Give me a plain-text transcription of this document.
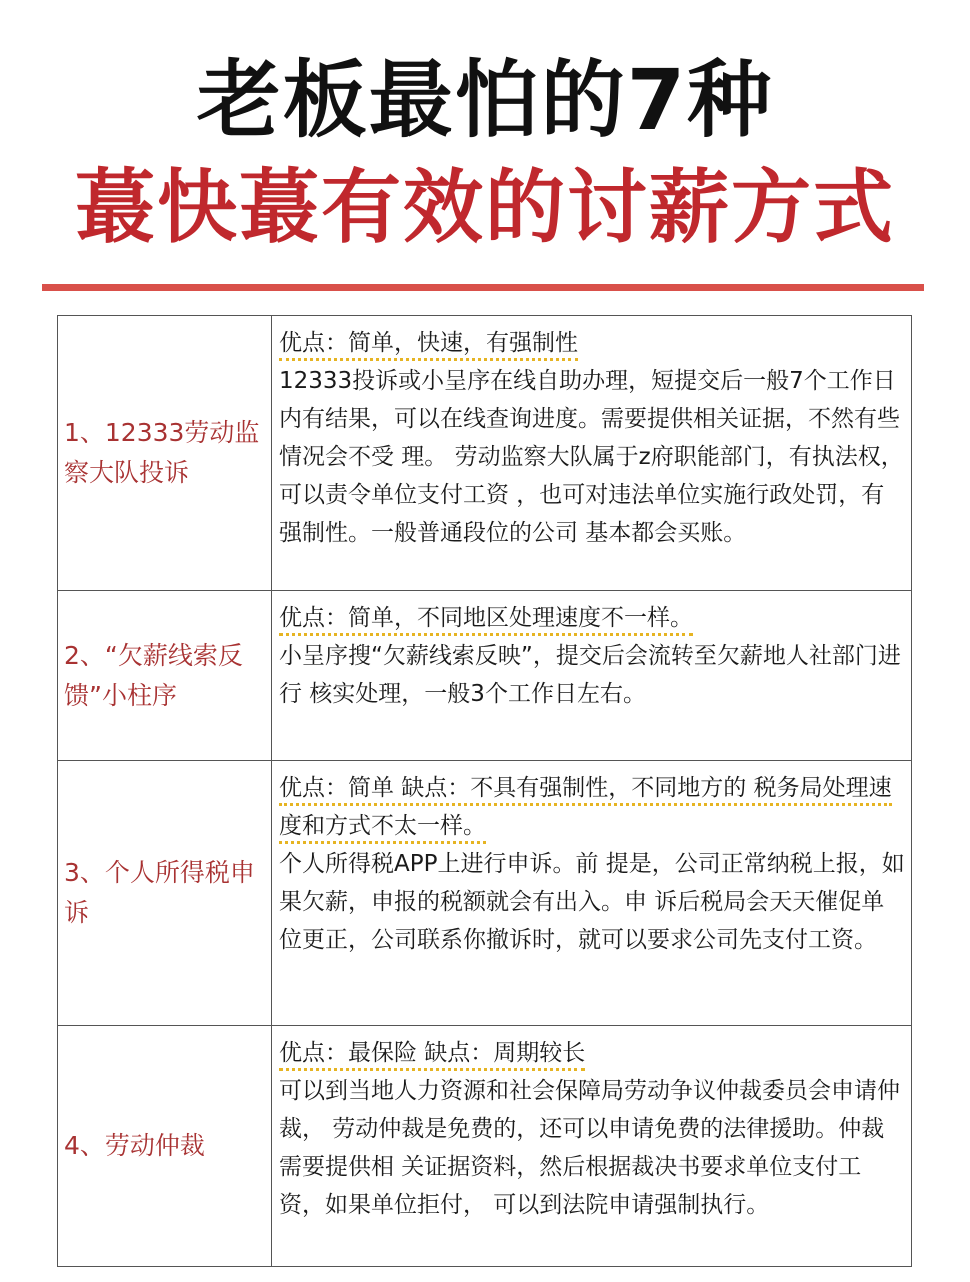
老板最怕的7种
蕞快蕞有效的讨薪方式
1、12333劳动监察大队投诉
优点：简单，快速，有强制性
12333投诉或小呈序在线自助办理，短提交后一般7个工作日内有结果，可以在线查询进度。需要提供相关证据，不然有些情况会不受 理。 劳动监察大队属于z府职能部门，有执法权，可以责令单位支付工资 ，也可对违法单位实施行政处罚，有强制性。一般普通段位的公司 基本都会买账。
2、“欠薪线索反馈”小柱序
优点：简单，不同地区处理速度不一样。
小呈序搜“欠薪线索反映”，提交后会流转至欠薪地人社部门进行 核实处理，一般3个工作日左右。
3、个人所得税申诉
优点：简单 缺点：不具有强制性，不同地方的 税务局处理速度和方式不太一样。
个人所得税APP上进行申诉。前 提是，公司正常纳税上报，如果欠薪，申报的税额就会有出入。申 诉后税局会天天催促单位更正，公司联系你撤诉时，就可以要求公司先支付工资。
4、劳动仲裁
优点：最保险 缺点：周期较长
可以到当地人力资源和社会保障局劳动争议仲裁委员会申请仲裁， 劳动仲裁是免费的，还可以申请免费的法律援助。仲裁需要提供相 关证据资料，然后根据裁决书要求单位支付工资，如果单位拒付， 可以到法院申请强制执行。
